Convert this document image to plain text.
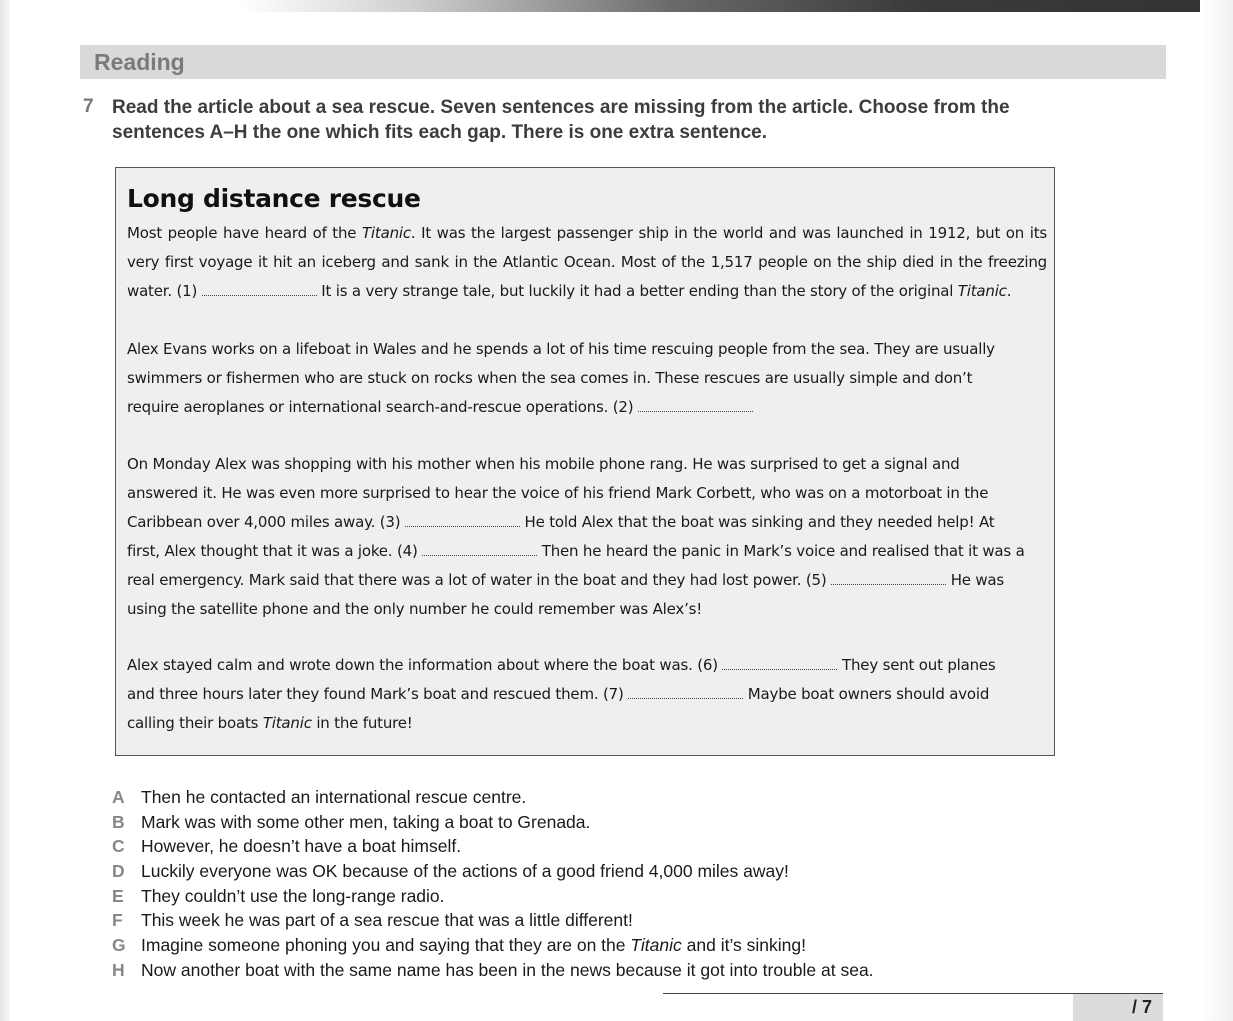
Reading
7 Read the article about a sea rescue. Seven sentences are missing from the article. Choose from the
sentences A–H the one which fits each gap. There is one extra sentence.
Long distance rescue
Most people have heard of the Titanic. It was the largest passenger ship in the world and was launched in 1912, but on its
very first voyage it hit an iceberg and sank in the Atlantic Ocean. Most of the 1,517 people on the ship died in the freezing
water. (1)	It is a very strange tale, but luckily it had a better ending than the story of the original Titanic.
Alex Evans works on a lifeboat in Wales and he spends a lot of his time rescuing people from the sea. They are usually
swimmers or fishermen who are stuck on rocks when the sea comes in. These rescues are usually simple and don’t
require aeroplanes or international search-and-rescue operations. (2)
On Monday Alex was shopping with his mother when his mobile phone rang. He was surprised to get a signal and
answered it. He was even more surprised to hear the voice of his friend Mark Corbett, who was on a motorboat in the
Caribbean over 4,000 miles away. (3)	He told Alex that the boat was sinking and they needed help! At
first, Alex thought that it was a joke. (4)	Then he heard the panic in Mark’s voice and realised that it was a
real emergency. Mark said that there was a lot of water in the boat and they had lost power. (5)	He was
using the satellite phone and the only number he could remember was Alex’s!
Alex stayed calm and wrote down the information about where the boat was. (6)	They sent out planes
and three hours later they found Mark’s boat and rescued them. (7)	Maybe boat owners should avoid
calling their boats Titanic in the future!
A Then he contacted an international rescue centre.
B Mark was with some other men, taking a boat to Grenada.
C However, he doesn’t have a boat himself.
D Luckily everyone was OK because of the actions of a good friend 4,000 miles away!
E They couldn’t use the long-range radio.
F This week he was part of a sea rescue that was a little different!
G Imagine someone phoning you and saying that they are on the Titanic and it’s sinking!
H Now another boat with the same name has been in the news because it got into trouble at sea.
/ 7
